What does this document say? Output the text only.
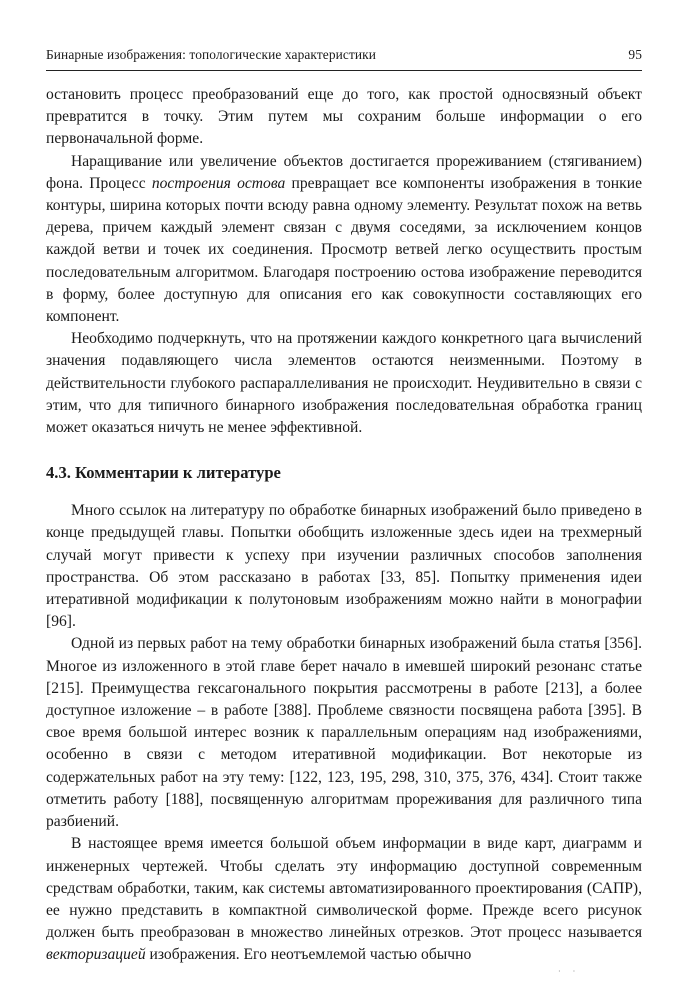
Бинарные изображения: топологические характеристики	95

остановить процесс преобразований еще до того, как простой односвязный объект превратится в точку. Этим путем мы сохраним больше информации о его первоначальной форме.

Наращивание или увеличение объектов достигается прореживанием (стягиванием) фона. Процесс построения остова превращает все компоненты изображения в тонкие контуры, ширина которых почти всюду равна одному элементу. Результат похож на ветвь дерева, причем каждый элемент связан с двумя соседями, за исключением концов каждой ветви и точек их соединения. Просмотр ветвей легко осуществить простым последовательным алгоритмом. Благодаря построению остова изображение переводится в форму, более доступную для описания его как совокупности составляющих его компонент.

Необходимо подчеркнуть, что на протяжении каждого конкретного цага вычислений значения подавляющего числа элементов остаются неизменными. Поэтому в действительности глубокого распараллеливания не происходит. Неудивительно в связи с этим, что для типичного бинарного изображения последовательная обработка границ может оказаться ничуть не менее эффективной.

4.3. Комментарии к литературе

Много ссылок на литературу по обработке бинарных изображений было приведено в конце предыдущей главы. Попытки обобщить изложенные здесь идеи на трехмерный случай могут привести к успеху при изучении различных способов заполнения пространства. Об этом рассказано в работах [33, 85]. Попытку применения идеи итеративной модификации к полутоновым изображениям можно найти в монографии [96].

Одной из первых работ на тему обработки бинарных изображений была статья [356]. Многое из изложенного в этой главе берет начало в имевшей широкий резонанс статье [215]. Преимущества гексагонального покрытия рассмотрены в работе [213], а более доступное изложение – в работе [388]. Проблеме связности посвящена работа [395]. В свое время большой интерес возник к параллельным операциям над изображениями, особенно в связи с методом итеративной модификации. Вот некоторые из содержательных работ на эту тему: [122, 123, 195, 298, 310, 375, 376, 434]. Стоит также отметить работу [188], посвященную алгоритмам прореживания для различного типа разбиений.

В настоящее время имеется большой объем информации в виде карт, диаграмм и инженерных чертежей. Чтобы сделать эту информацию доступной современным средствам обработки, таким, как системы автоматизированного проектирования (САПР), ее нужно представить в компактной символической форме. Прежде всего рисунок должен быть преобразован в множество линейных отрезков. Этот процесс называется векторизацией изображения. Его неотъемлемой частью обычно

· ·
